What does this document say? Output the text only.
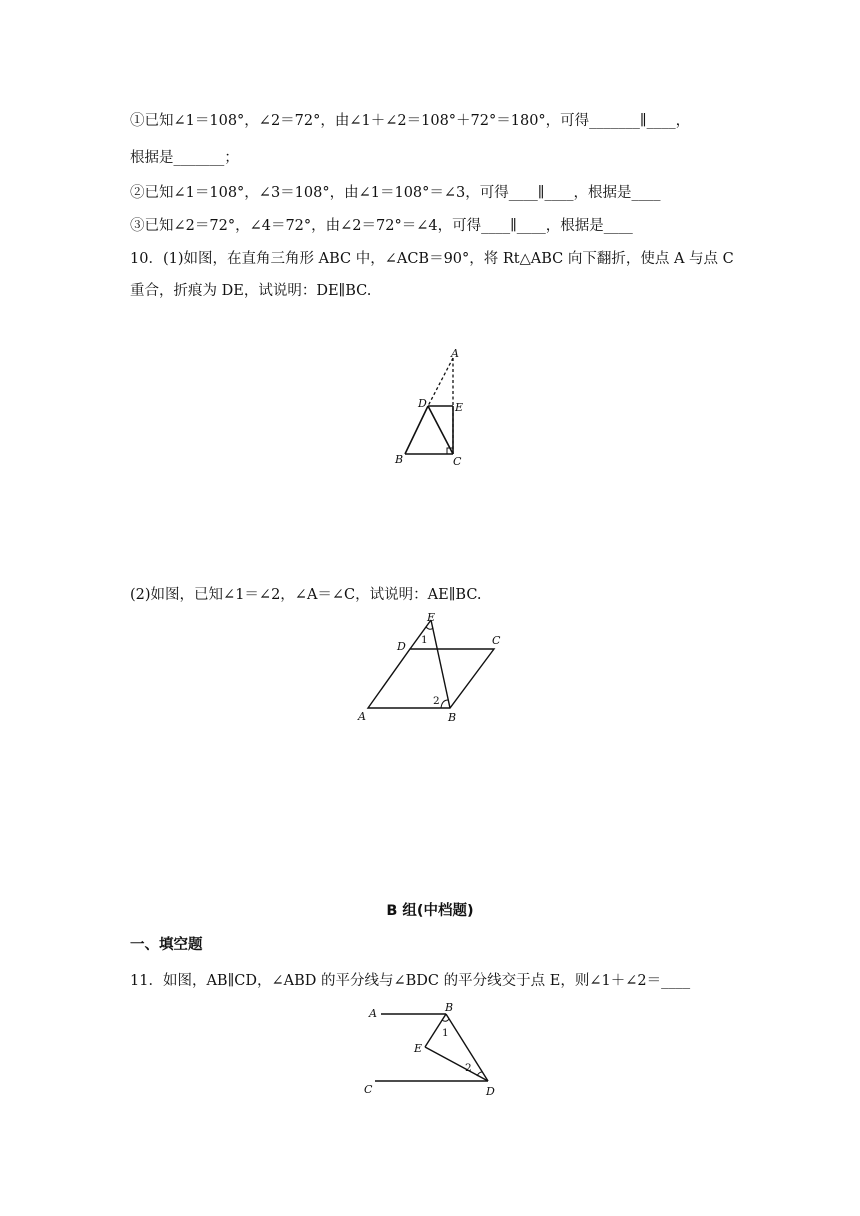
①已知∠1＝108°，∠2＝72°，由∠1＋∠2＝108°＋72°＝180°，可得_______∥____，
根据是_______；
②已知∠1＝108°，∠3＝108°，由∠1＝108°＝∠3，可得____∥____，根据是____
③已知∠2＝72°，∠4＝72°，由∠2＝72°＝∠4，可得____∥____，根据是____
10．(1)如图，在直角三角形 ABC 中，∠ACB＝90°，将 Rt△ABC 向下翻折，使点 A 与点 C
重合，折痕为 DE，试说明：DE∥BC.
A
D	E
B	C
(2)如图，已知∠1＝∠2，∠A＝∠C，试说明：AE∥BC.
E
D	C
A	B
1
2
B 组(中档题)
一、填空题
11．如图，AB∥CD，∠ABD 的平分线与∠BDC 的平分线交于点 E，则∠1＋∠2＝____
A	B
E
C	D
1
2
